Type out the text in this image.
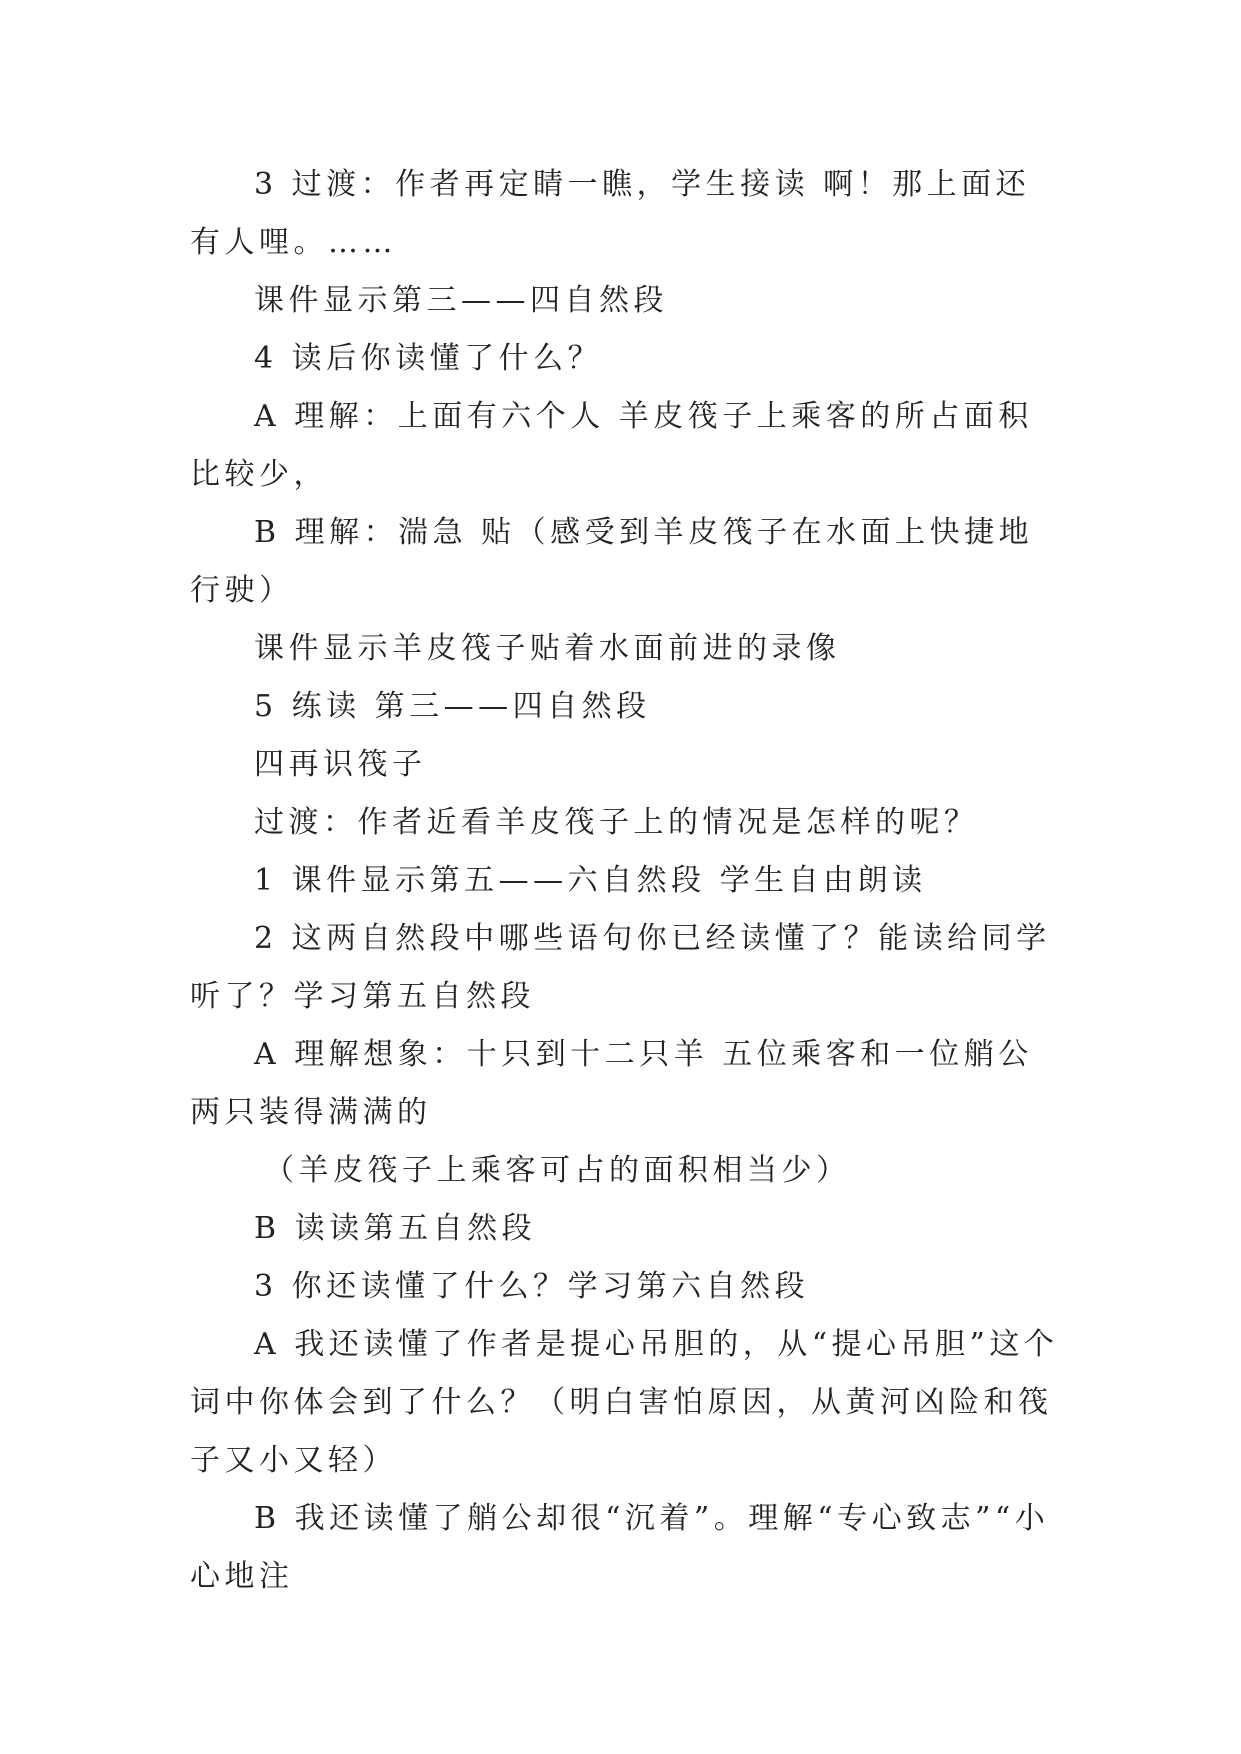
3 过渡：作者再定睛一瞧，学生接读 啊！那上面还有人哩。……

课件显示第三——四自然段

4 读后你读懂了什么？

A 理解：上面有六个人 羊皮筏子上乘客的所占面积比较少，

B 理解：湍急 贴（感受到羊皮筏子在水面上快捷地行驶）

课件显示羊皮筏子贴着水面前进的录像

5 练读 第三——四自然段

四再识筏子

过渡：作者近看羊皮筏子上的情况是怎样的呢？

1 课件显示第五——六自然段 学生自由朗读

2 这两自然段中哪些语句你已经读懂了？能读给同学听了？学习第五自然段

A 理解想象：十只到十二只羊 五位乘客和一位艄公 两只装得满满的

（羊皮筏子上乘客可占的面积相当少）

B 读读第五自然段

3 你还读懂了什么？学习第六自然段

A 我还读懂了作者是提心吊胆的，从“提心吊胆”这个词中你体会到了什么？（明白害怕原因，从黄河凶险和筏子又小又轻）

B 我还读懂了艄公却很“沉着”。理解“专心致志”“小心地注
